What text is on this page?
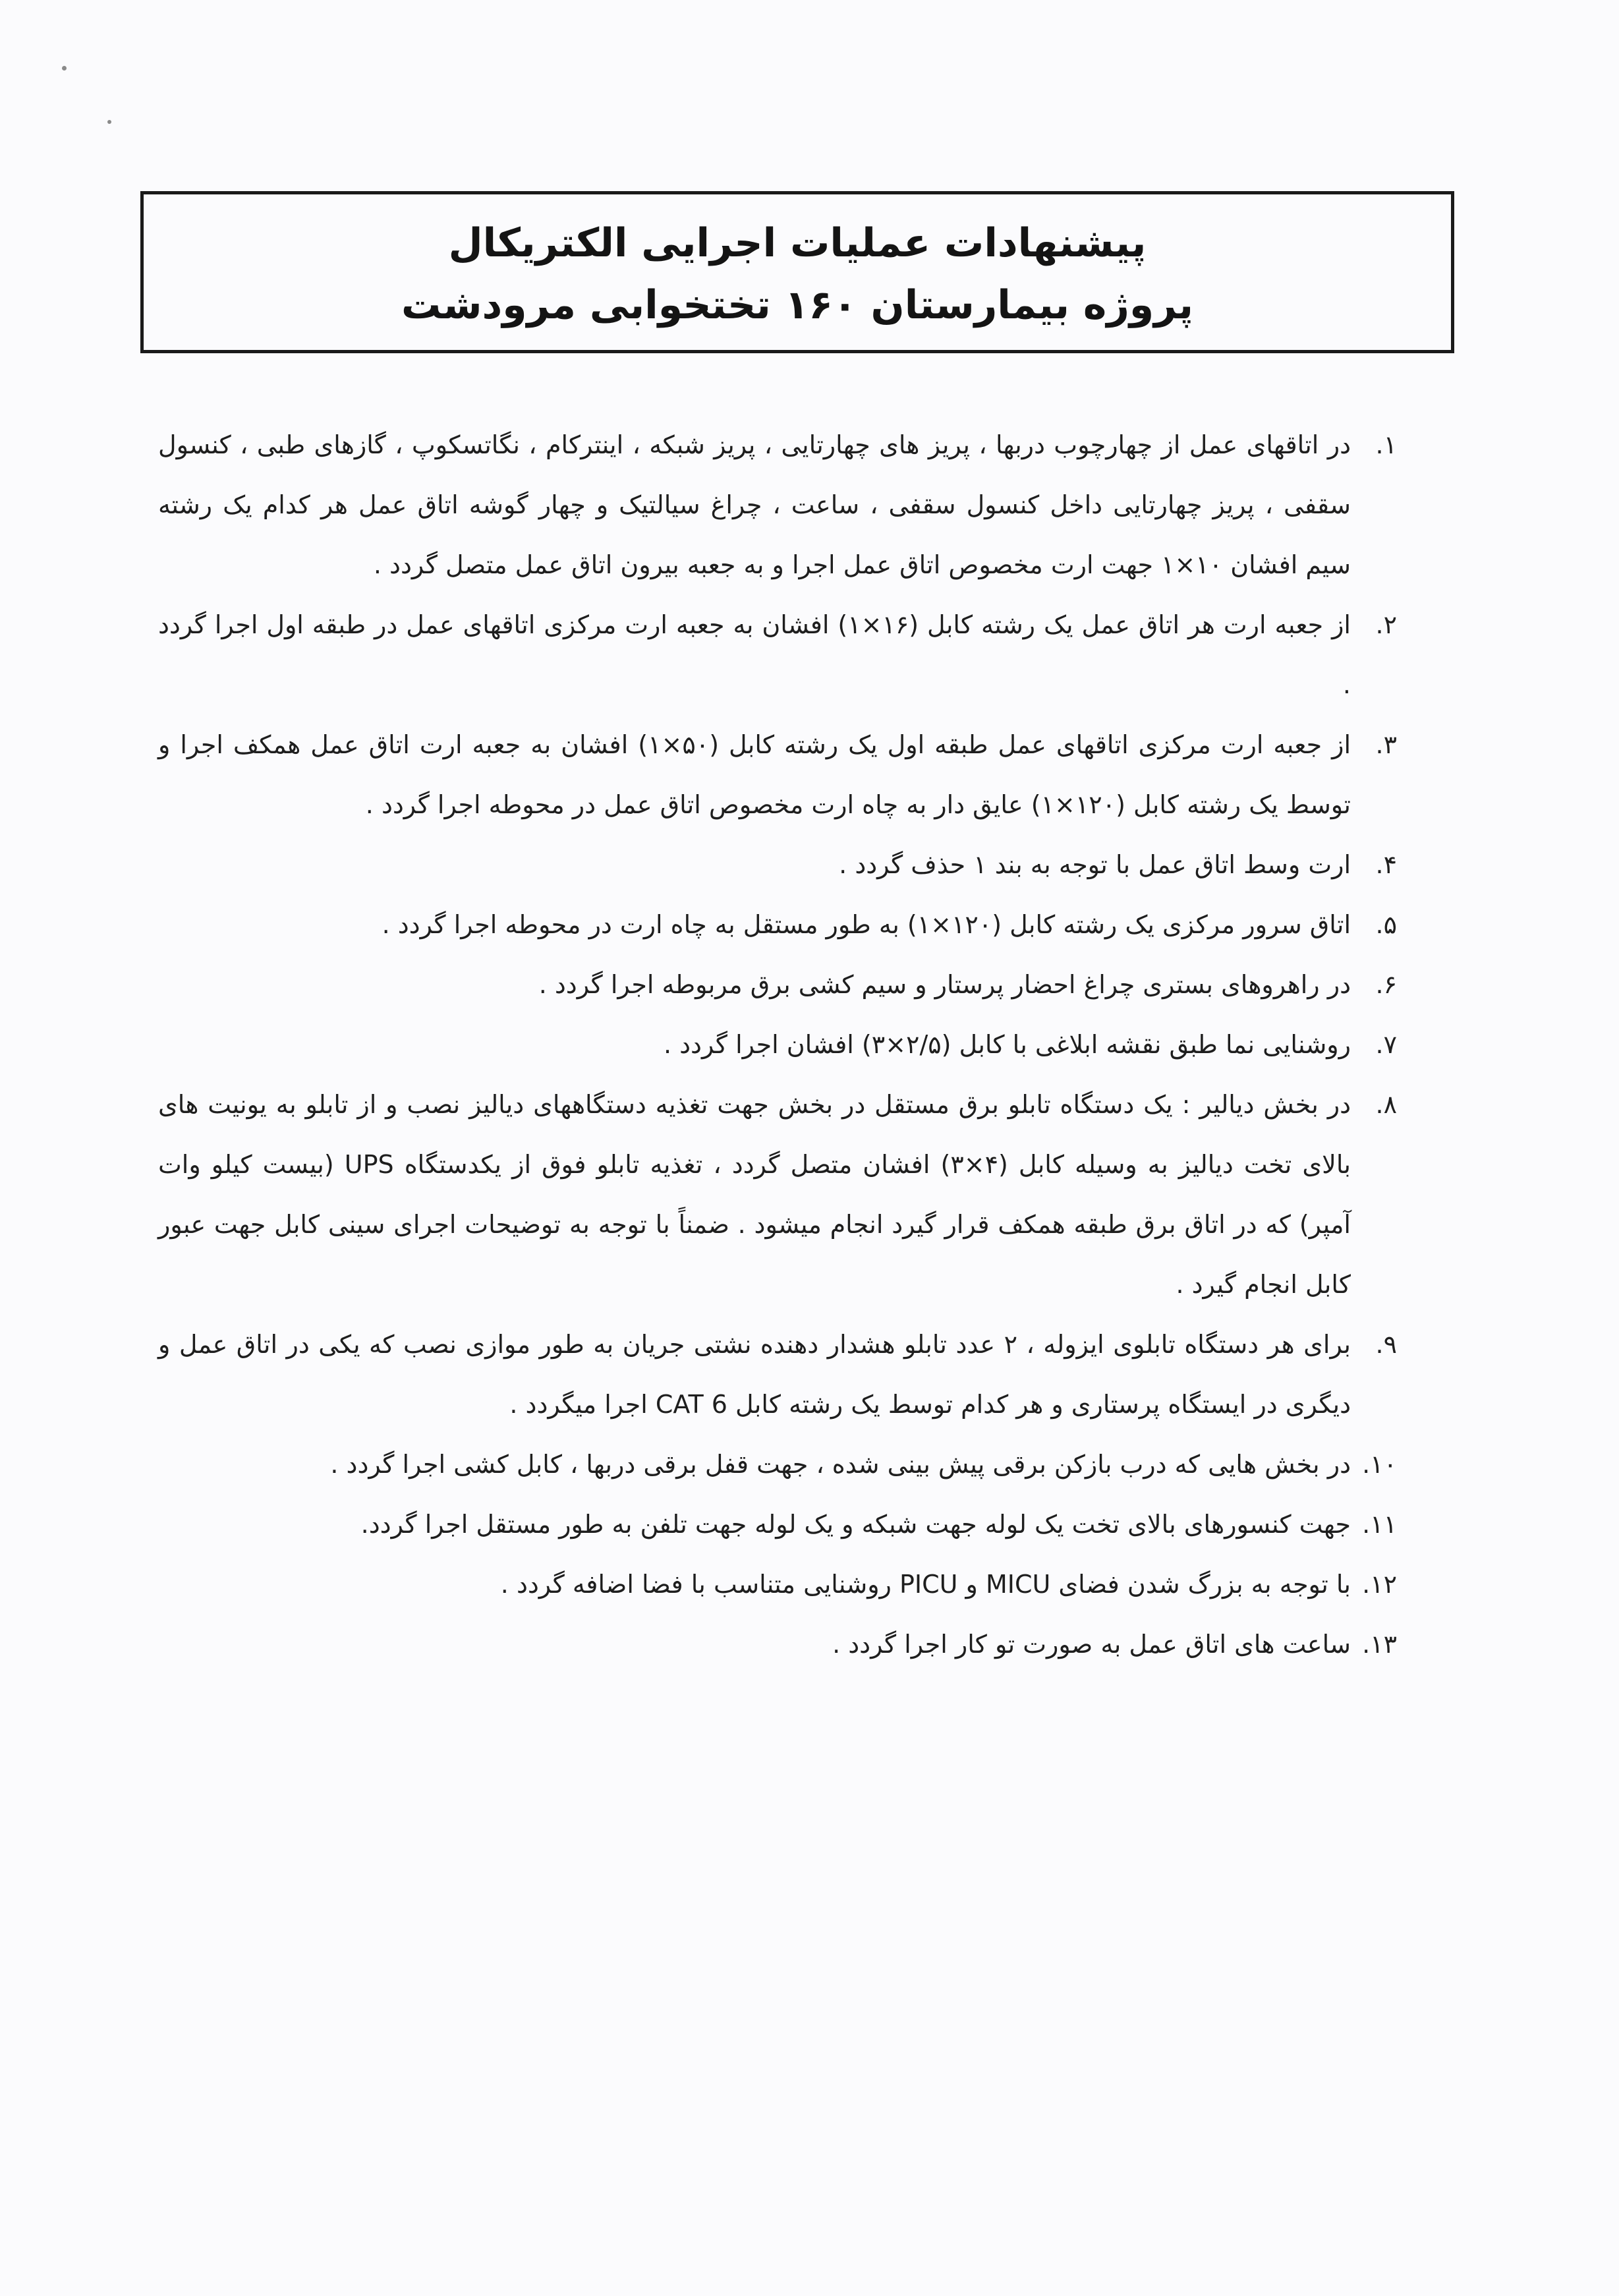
پیشنهادات عملیات اجرایی الکتریکال
پروژه بیمارستان ۱۶۰ تختخوابی مرودشت
۱.
در اتاقهای عمل از چهارچوب دربها ، پریز های چهارتایی ، پریز شبکه ، اینترکام ، نگاتسکوپ ، گازهای طبی ، کنسول سقفی ، پریز چهارتایی داخل کنسول سقفی ، ساعت ، چراغ سیالتیک و چهار گوشه اتاق عمل هر کدام یک رشته سیم افشان ۱۰×۱ جهت ارت مخصوص اتاق عمل اجرا و به جعبه بیرون اتاق عمل متصل گردد .
۲.
از جعبه ارت هر اتاق عمل یک رشته کابل (۱۶×۱) افشان به جعبه ارت مرکزی اتاقهای عمل در طبقه اول اجرا گردد .
۳.
از جعبه ارت مرکزی اتاقهای عمل طبقه اول یک رشته کابل (۵۰×۱) افشان به جعبه ارت اتاق عمل همکف اجرا و توسط یک رشته کابل (۱۲۰×۱) عایق دار به چاه ارت مخصوص اتاق عمل در محوطه اجرا گردد .
۴.
ارت وسط اتاق عمل با توجه به بند ۱ حذف گردد .
۵.
اتاق سرور مرکزی یک رشته کابل (۱۲۰×۱) به طور مستقل به چاه ارت در محوطه اجرا گردد .
۶.
در راهروهای بستری چراغ احضار پرستار و سیم کشی برق مربوطه اجرا گردد .
۷.
روشنایی نما طبق نقشه ابلاغی با کابل (۲/۵×۳) افشان اجرا گردد .
۸.
در بخش دیالیر : یک دستگاه تابلو برق مستقل در بخش جهت تغذیه دستگاههای دیالیز نصب و از تابلو به یونیت های بالای تخت دیالیز به وسیله کابل (۴×۳) افشان متصل گردد ، تغذیه تابلو فوق از یکدستگاه UPS (بیست کیلو وات آمپر) که در اتاق برق طبقه همکف قرار گیرد انجام میشود . ضمناً با توجه به توضیحات اجرای سینی کابل جهت عبور کابل انجام گیرد .
۹.
برای هر دستگاه تابلوی ایزوله ، ۲ عدد تابلو هشدار دهنده نشتی جریان به طور موازی نصب که یکی در اتاق عمل و دیگری در ایستگاه پرستاری و هر کدام توسط یک رشته کابل CAT 6 اجرا میگردد .
۱۰.
در بخش هایی که درب بازکن برقی پیش بینی شده ، جهت قفل برقی دربها ، کابل کشی اجرا گردد .
۱۱.
جهت کنسورهای بالای تخت یک لوله جهت شبکه و یک لوله جهت تلفن به طور مستقل اجرا گردد.
۱۲.
با توجه به بزرگ شدن فضای MICU و PICU روشنایی متناسب با فضا اضافه گردد .
۱۳.
ساعت های اتاق عمل به صورت تو کار اجرا گردد .
